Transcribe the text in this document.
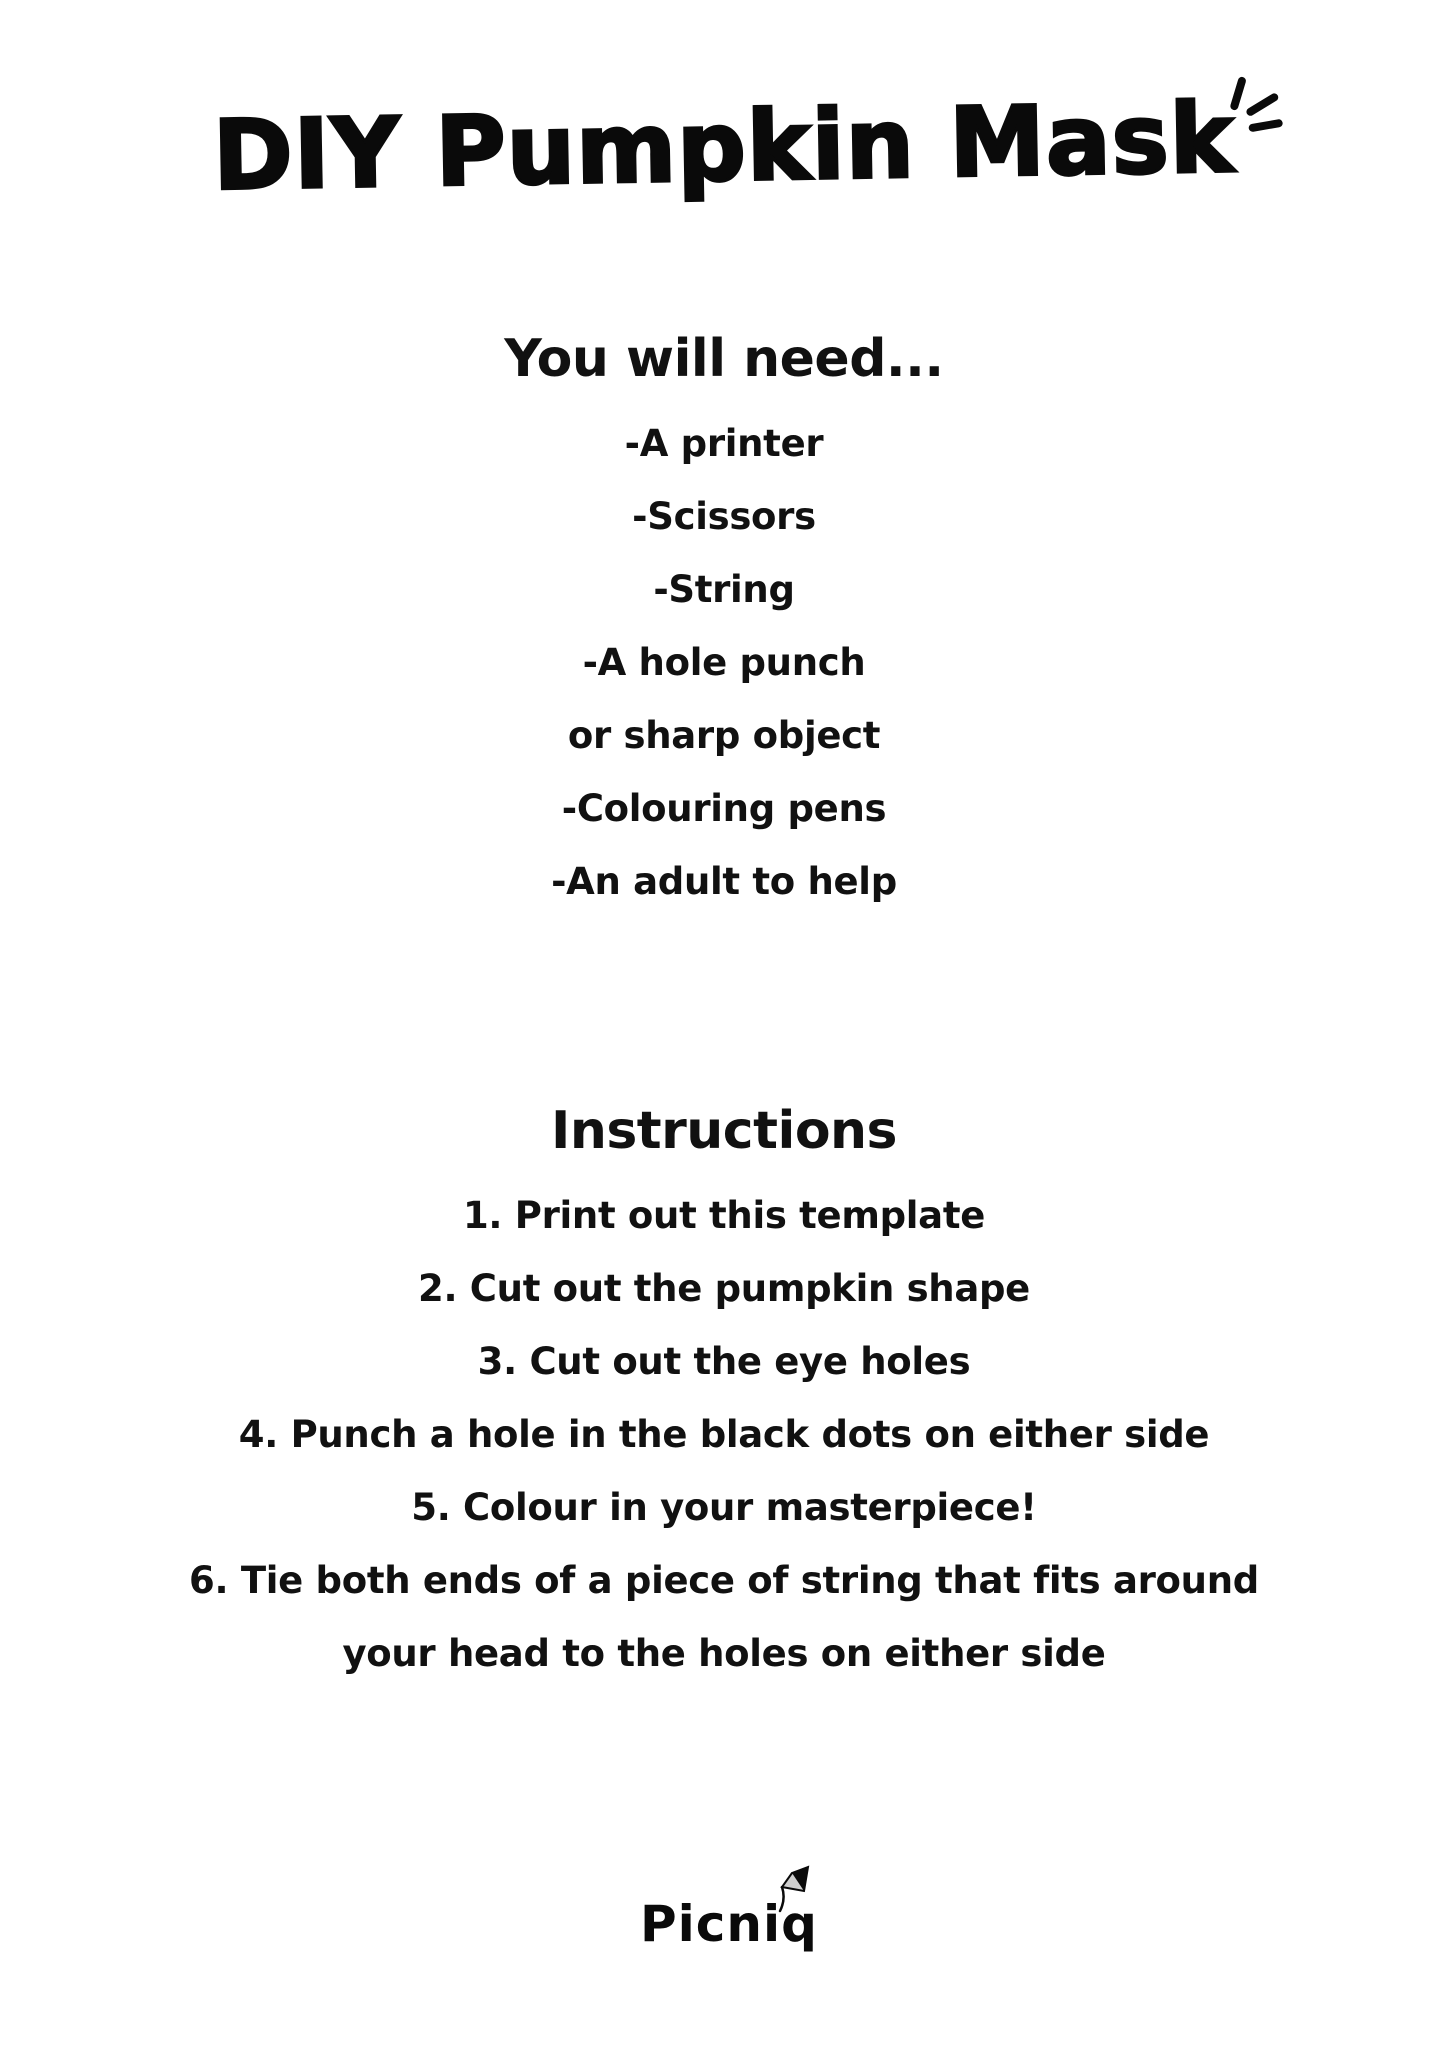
DIY Pumpkin Mask
You will need...
-A printer
-Scissors
-String
-A hole punch
or sharp object
-Colouring pens
-An adult to help
Instructions
1. Print out this template
2. Cut out the pumpkin shape
3. Cut out the eye holes
4. Punch a hole in the black dots on either side
5. Colour in your masterpiece!
6. Tie both ends of a piece of string that fits around
your head to the holes on either side
Picniq
